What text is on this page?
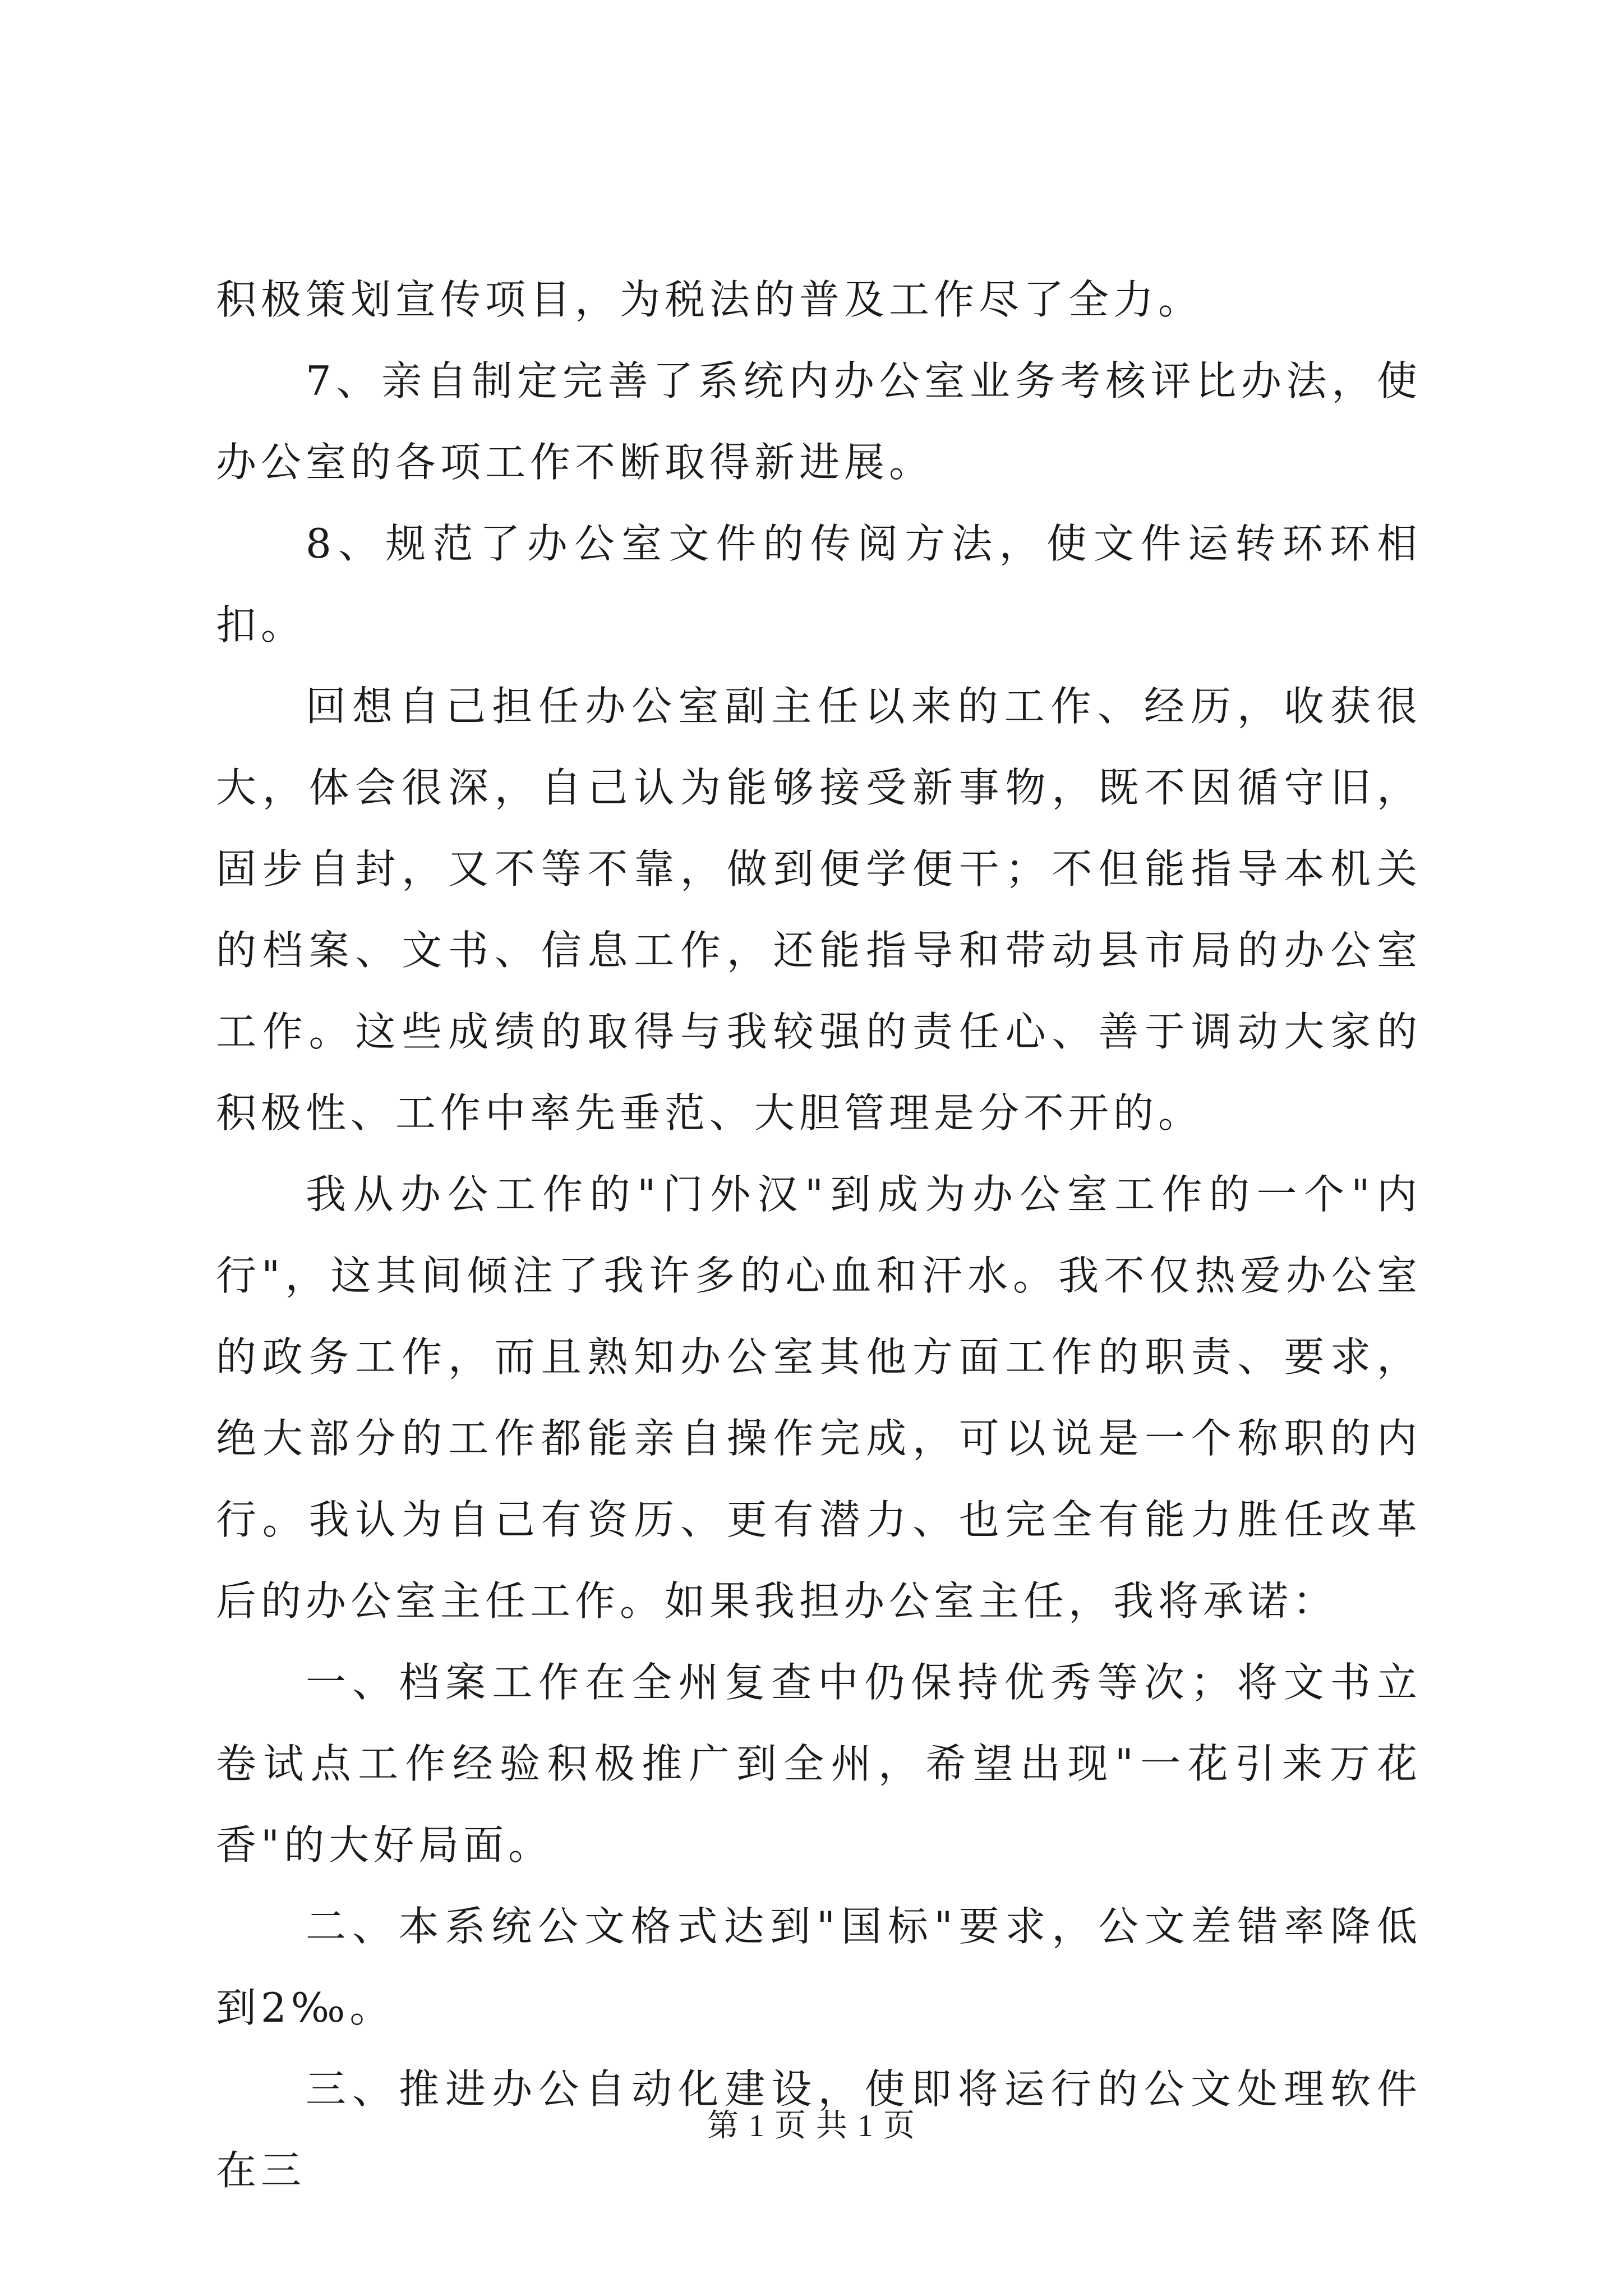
积极策划宣传项目，为税法的普及工作尽了全力。

7、亲自制定完善了系统内办公室业务考核评比办法，使办公室的各项工作不断取得新进展。

8、规范了办公室文件的传阅方法，使文件运转环环相扣。

回想自己担任办公室副主任以来的工作、经历，收获很大，体会很深，自己认为能够接受新事物，既不因循守旧，固步自封，又不等不靠，做到便学便干；不但能指导本机关的档案、文书、信息工作，还能指导和带动县市局的办公室工作。这些成绩的取得与我较强的责任心、善于调动大家的积极性、工作中率先垂范、大胆管理是分不开的。

我从办公工作的"门外汉"到成为办公室工作的一个"内行"，这其间倾注了我许多的心血和汗水。我不仅热爱办公室的政务工作，而且熟知办公室其他方面工作的职责、要求，绝大部分的工作都能亲自操作完成，可以说是一个称职的内行。我认为自己有资历、更有潜力、也完全有能力胜任改革后的办公室主任工作。如果我担办公室主任，我将承诺：

一、档案工作在全州复查中仍保持优秀等次；将文书立卷试点工作经验积极推广到全州，希望出现"一花引来万花香"的大好局面。

二、本系统公文格式达到"国标"要求，公文差错率降低到2‰。

三、推进办公自动化建设，使即将运行的公文处理软件在三

第 1 页 共 1 页
